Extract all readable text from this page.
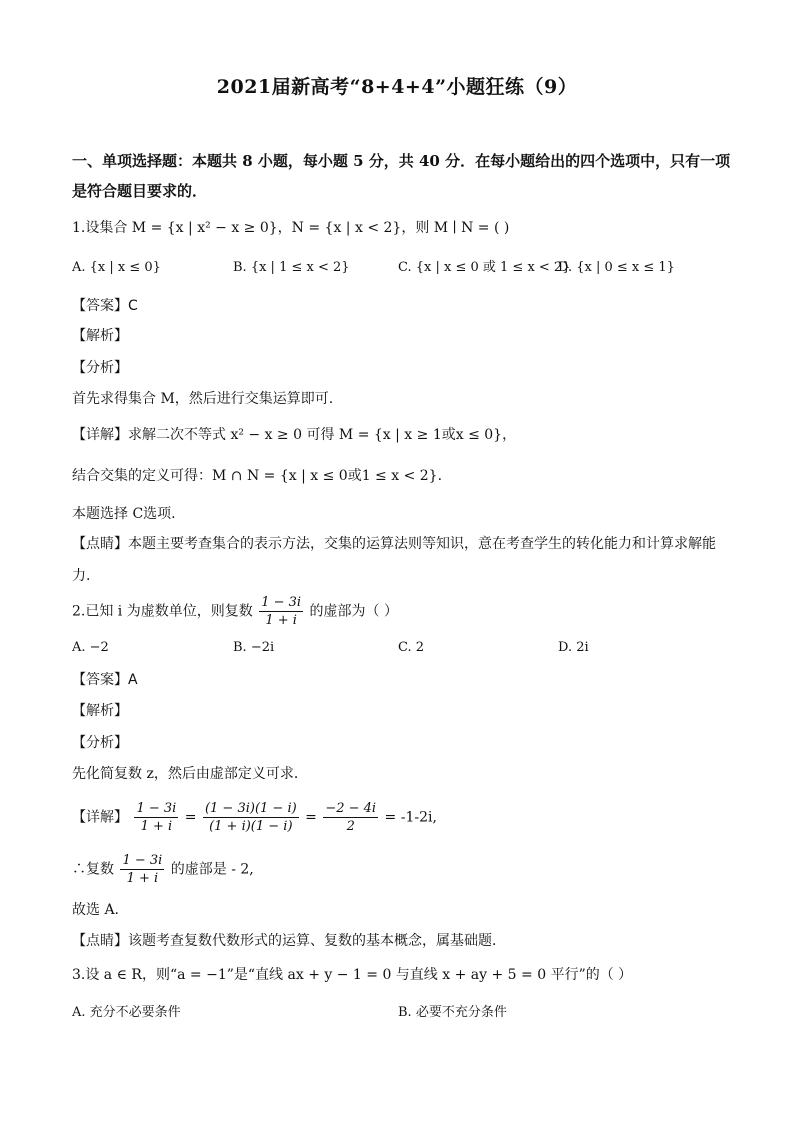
2021届新高考“8+4+4”小题狂练（9）
一、单项选择题：本题共 8 小题，每小题 5 分，共 40 分．在每小题给出的四个选项中，只有一项是符合题目要求的．
1.设集合 M = {x | x² − x ≥ 0}，N = {x | x < 2}，则 M ∣ N = ( )
A. {x | x ≤ 0}	B. {x | 1 ≤ x < 2}	C. {x | x ≤ 0 或 1 ≤ x < 2}
D. {x | 0 ≤ x ≤ 1}
【答案】C
【解析】
【分析】
首先求得集合 M，然后进行交集运算即可.
【详解】求解二次不等式 x² − x ≥ 0 可得 M = {x | x ≥ 1或x ≤ 0}，
结合交集的定义可得：M ∩ N = {x | x ≤ 0或1 ≤ x < 2}.
本题选择 C选项.
【点睛】本题主要考查集合的表示方法，交集的运算法则等知识，意在考查学生的转化能力和计算求解能
力.
2.已知 i 为虚数单位，则复数 $\frac{1 - 3i}{1 + i}$ 的虚部为（ ）
A. −2	B. −2i	C. 2	D. 2i
【答案】A
【解析】
【分析】
先化简复数 z，然后由虚部定义可求．
【详解】 $\frac{1 - 3i}{1 + i} = \frac{(1 - 3i)(1 - i)}{(1 + i)(1 - i)} = \frac{-2 - 4i}{2} = -1-2i$,
∴复数 $\frac{1 - 3i}{1 + i}$ 的虚部是 - 2,
故选 A.
【点睛】该题考查复数代数形式的运算、复数的基本概念，属基础题．
3.设 a ∈ R，则“a = −1”是“直线 ax + y − 1 = 0 与直线 x + ay + 5 = 0 平行”的（ ）
A. 充分不必要条件	B. 必要不充分条件
